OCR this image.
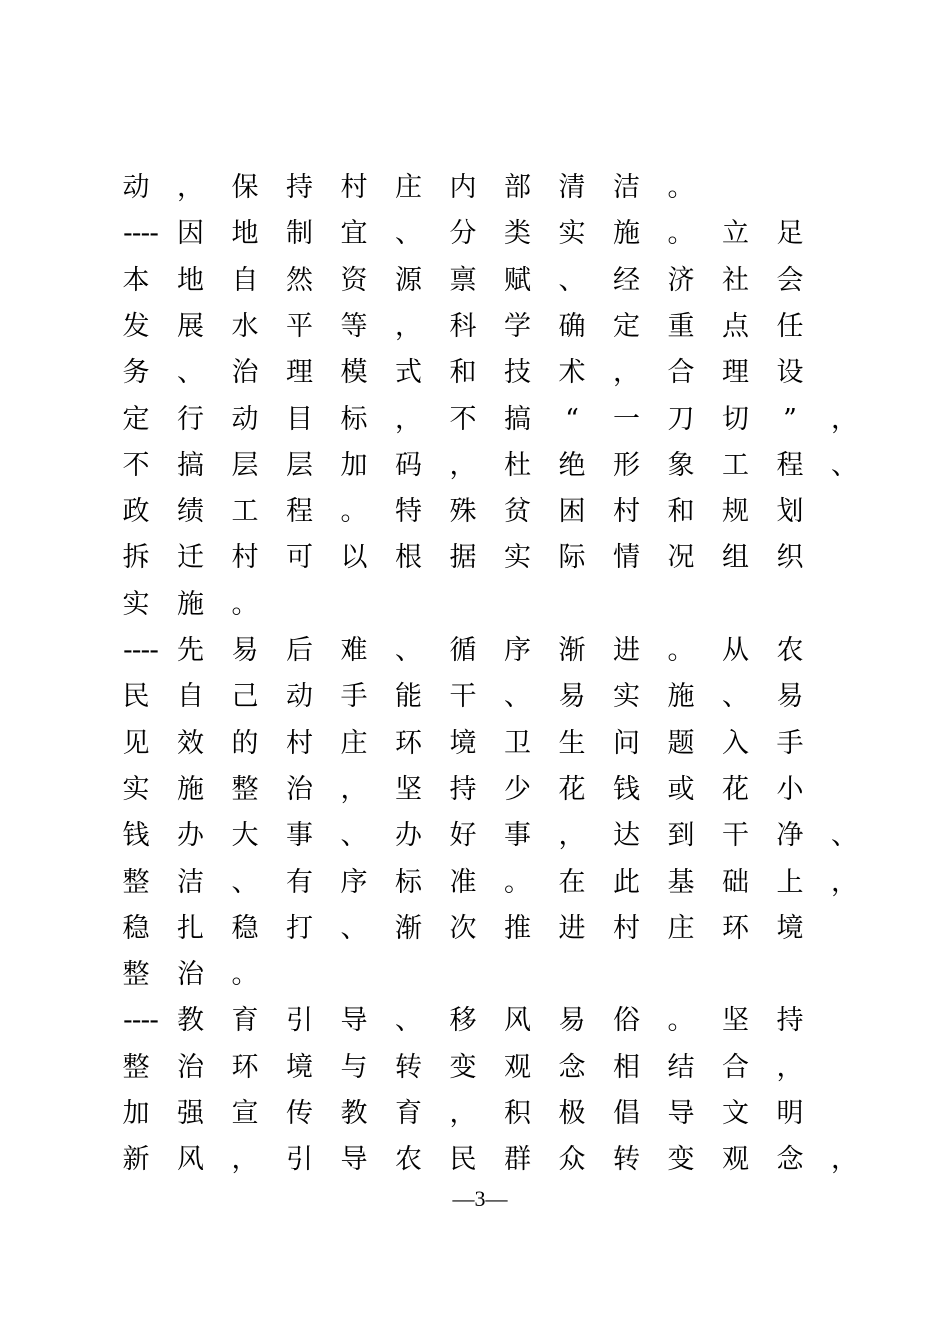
动	，	保	持	村	庄	内	部	清	洁	。
---- 因	地	制	宜	、	分	类	实	施	。	立	足
本	地	自	然	资	源	禀	赋	、	经	济	社	会
发	展	水	平	等	，	科	学	确	定	重	点	任
务	、	治	理	模	式	和	技	术	，	合	理	设
定	行	动	目	标	，	不	搞	“	一	刀	切	”	，
不	搞	层	层	加	码	，	杜	绝	形	象	工	程	、
政	绩	工	程	。	特	殊	贫	困	村	和	规	划
拆	迁	村	可	以	根	据	实	际	情	况	组	织
实	施	。
---- 先	易	后	难	、	循	序	渐	进	。	从	农
民	自	己	动	手	能	干	、	易	实	施	、	易
见	效	的	村	庄	环	境	卫	生	问	题	入	手
实	施	整	治	，	坚	持	少	花	钱	或	花	小
钱	办	大	事	、	办	好	事	，	达	到	干	净	、
整	洁	、	有	序	标	准	。	在	此	基	础	上	，
稳	扎	稳	打	、	渐	次	推	进	村	庄	环	境
整	治	。
---- 教	育	引	导	、	移	风	易	俗	。	坚	持
整	治	环	境	与	转	变	观	念	相	结	合	，
加	强	宣	传	教	育	，	积	极	倡	导	文	明
新	风	，	引	导	农	民	群	众	转	变	观	念	，
—3—
